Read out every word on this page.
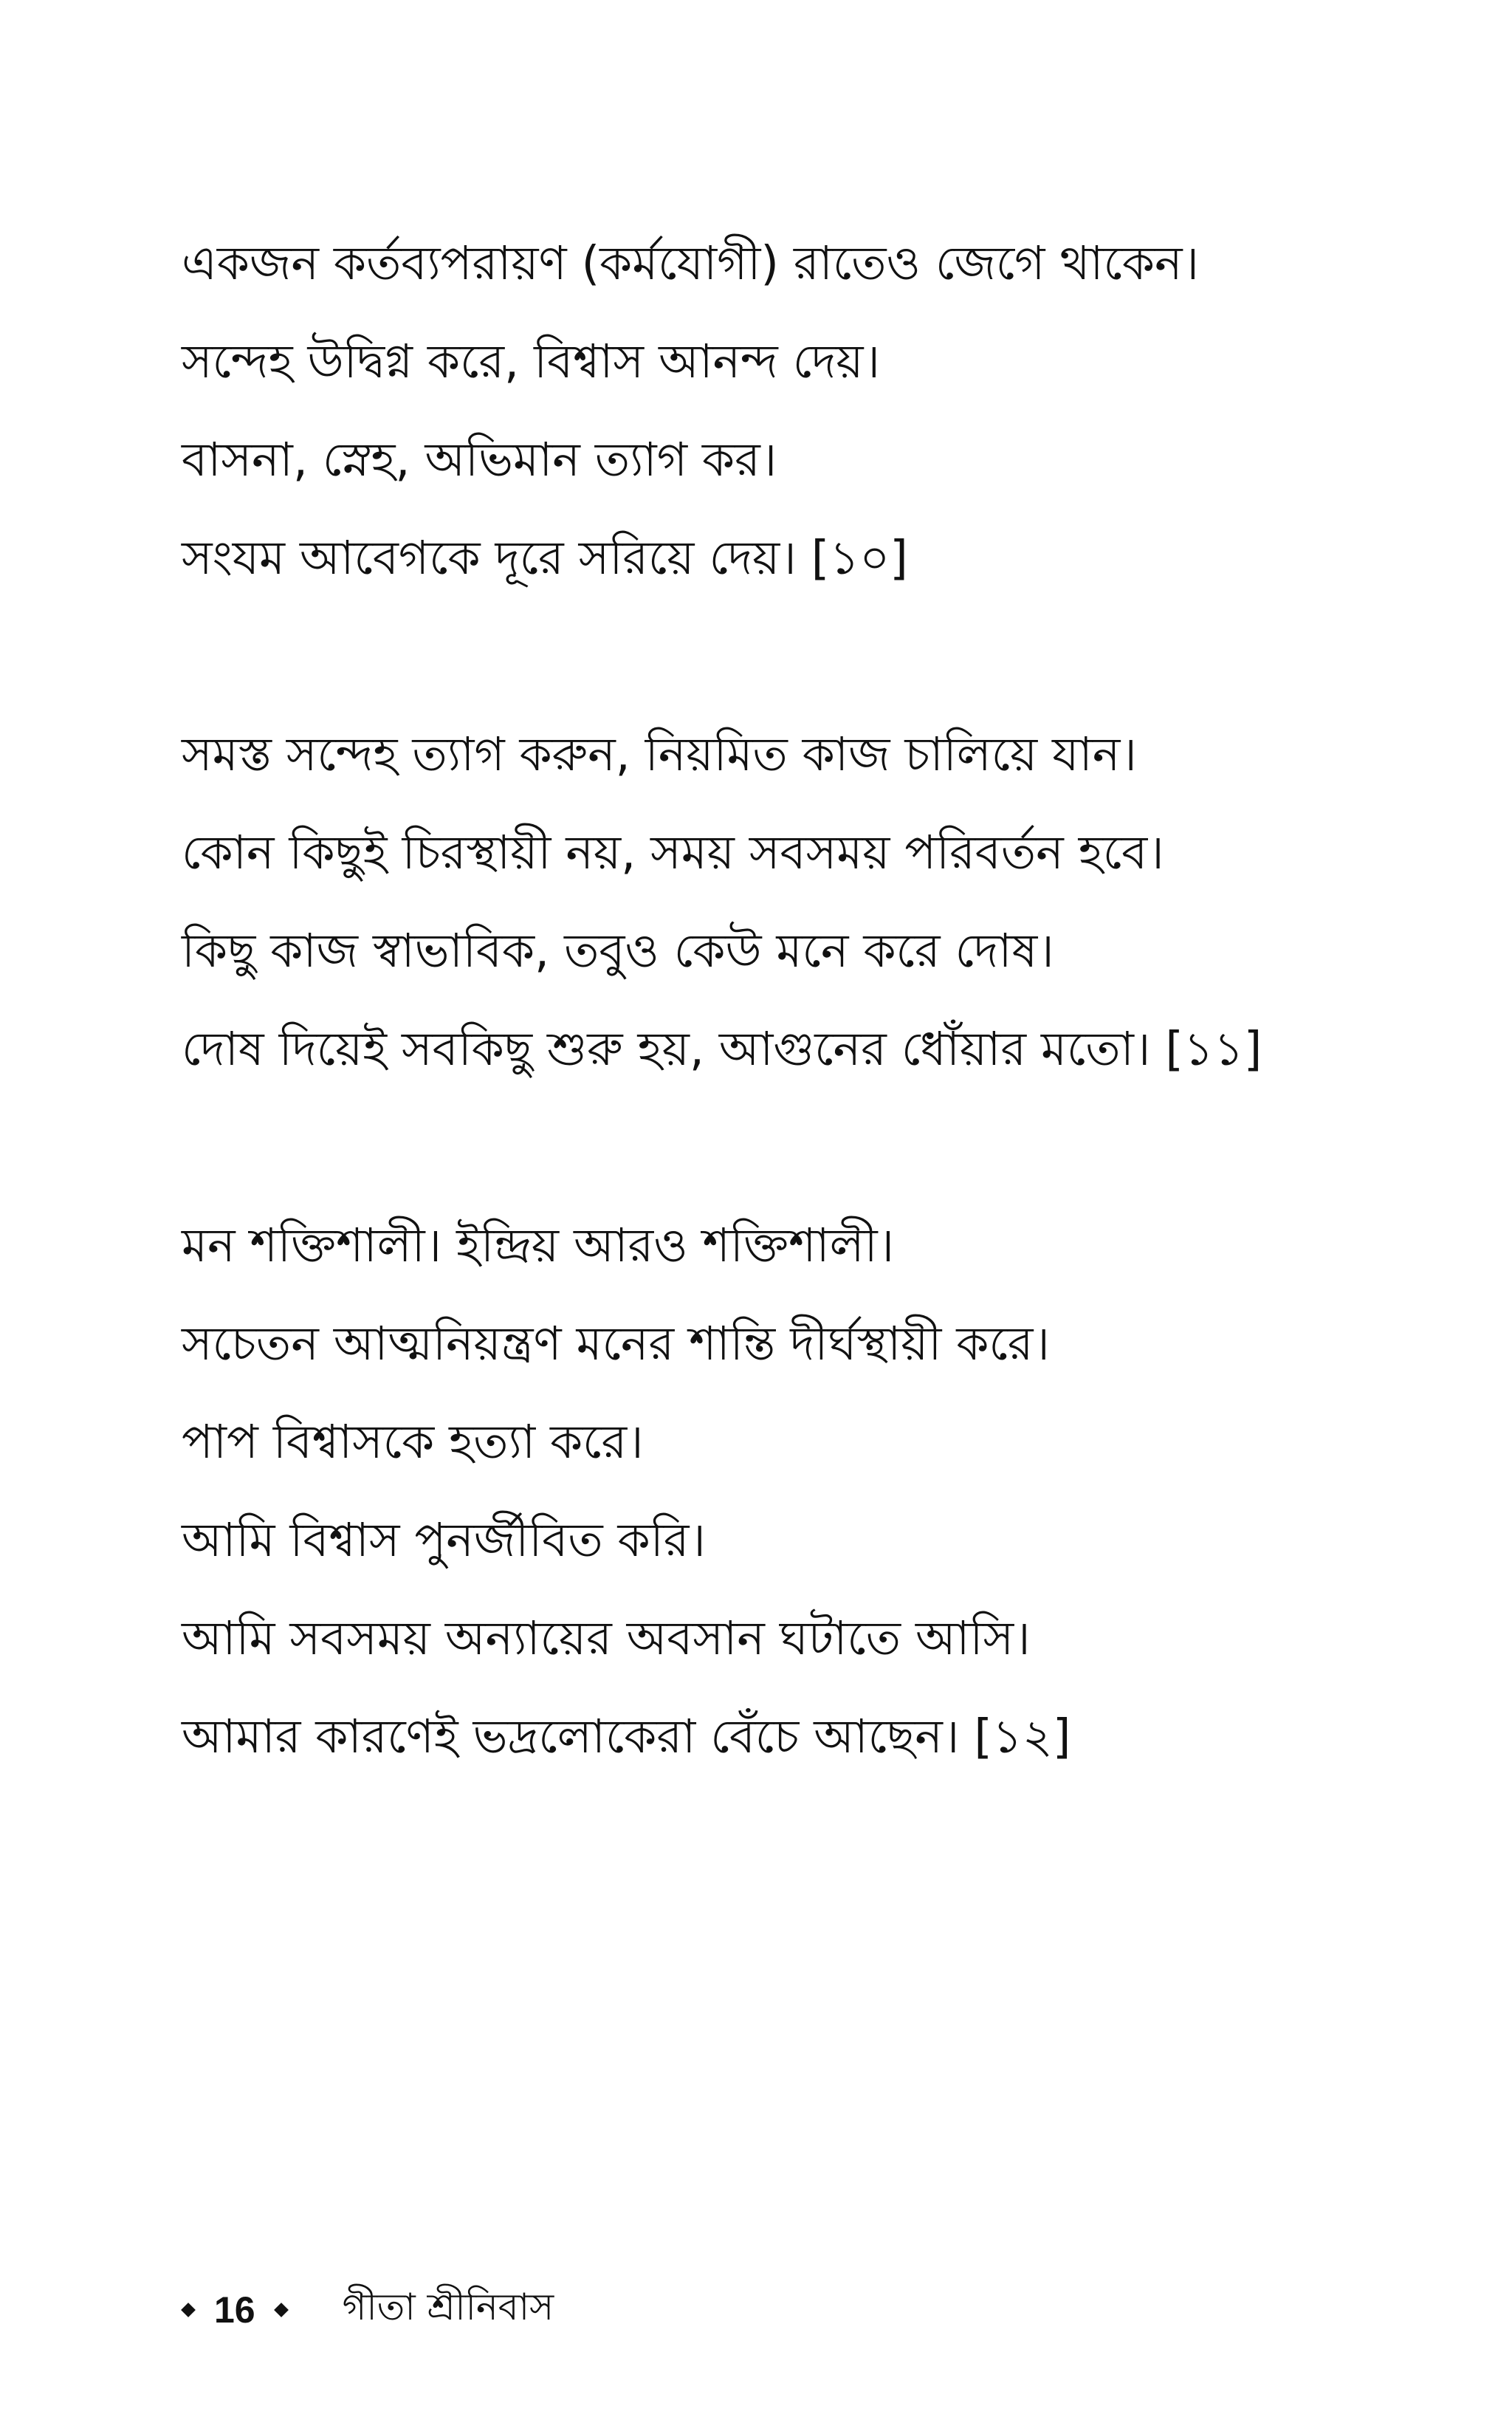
একজন কর্তব্যপরায়ণ (কর্মযোগী) রাতেও জেগে থাকেন।
সন্দেহ উদ্বিগ্ন করে, বিশ্বাস আনন্দ দেয়।
বাসনা, স্নেহ, অভিমান ত্যাগ কর।
সংযম আবেগকে দূরে সরিয়ে দেয়। [১০]
সমস্ত সন্দেহ ত্যাগ করুন, নিয়মিত কাজ চালিয়ে যান।
কোন কিছুই চিরস্থায়ী নয়, সময় সবসময় পরিবর্তন হবে।
কিছু কাজ স্বাভাবিক, তবুও কেউ মনে করে দোষ।
দোষ দিয়েই সবকিছু শুরু হয়, আগুনের ধোঁয়ার মতো। [১১]
মন শক্তিশালী। ইন্দ্রিয় আরও শক্তিশালী।
সচেতন আত্মনিয়ন্ত্রণ মনের শান্তি দীর্ঘস্থায়ী করে।
পাপ বিশ্বাসকে হত্যা করে।
আমি বিশ্বাস পুনর্জীবিত করি।
আমি সবসময় অন্যায়ের অবসান ঘটাতে আসি।
আমার কারণেই ভদ্রলোকেরা বেঁচে আছেন। [১২]
16 গীতা শ্রীনিবাস
